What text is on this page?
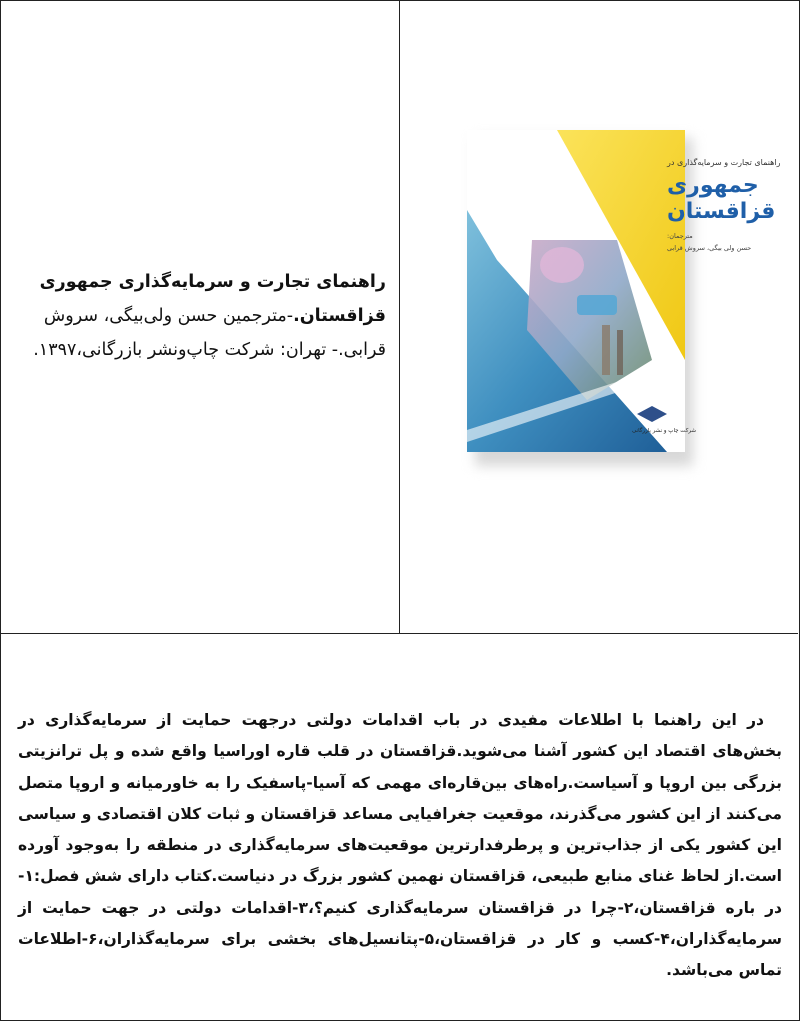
راهنمای تجارت و سرمایه‌گذاری جمهوری قزاقستان.-مترجمین حسن ولی‌بیگی، سروش قرابی.- تهران: شرکت چاپ‌ونشر بازرگانی،۱۳۹۷.
راهنمای تجارت و سرمایه‌گذاری در
جمهوری
قزاقستان
مترجمان:
حسن ولی بیگی، سروش قرابی
شرکت چاپ و نشر بازرگانی
در این راهنما با اطلاعات مفیدی در باب اقدامات دولتی درجهت حمایت از سرمایه‌گذاری در بخش‌های اقتصاد این کشور آشنا می‌شوید.قزاقستان در قلب قاره اوراسیا واقع شده و پل ترانزیتی بزرگی بین اروپا و آسیاست.راه‌های بین‌قاره‌ای مهمی که آسیا-پاسفیک را به خاورمیانه و اروپا متصل می‌کنند از این کشور می‌گذرند، موقعیت جغرافیایی مساعد قزاقستان و ثبات کلان اقتصادی و سیاسی این کشور یکی از جذاب‌ترین و پرطرفدارترین موقعیت‌های سرمایه‌گذاری در منطقه را به‌وجود آورده است.از لحاظ غنای منابع طبیعی، قزاقستان نهمین کشور بزرگ در دنیاست.کتاب دارای شش فصل:۱-در باره قزاقستان،۲-چرا در قزاقستان سرمایه‌گذاری کنیم؟،۳-اقدامات دولتی در جهت حمایت از سرمایه‌گذاران،۴-کسب و کار در قزاقستان،۵-پتانسیل‌های بخشی برای سرمایه‌گذاران،۶-اطلاعات تماس می‌باشد.
